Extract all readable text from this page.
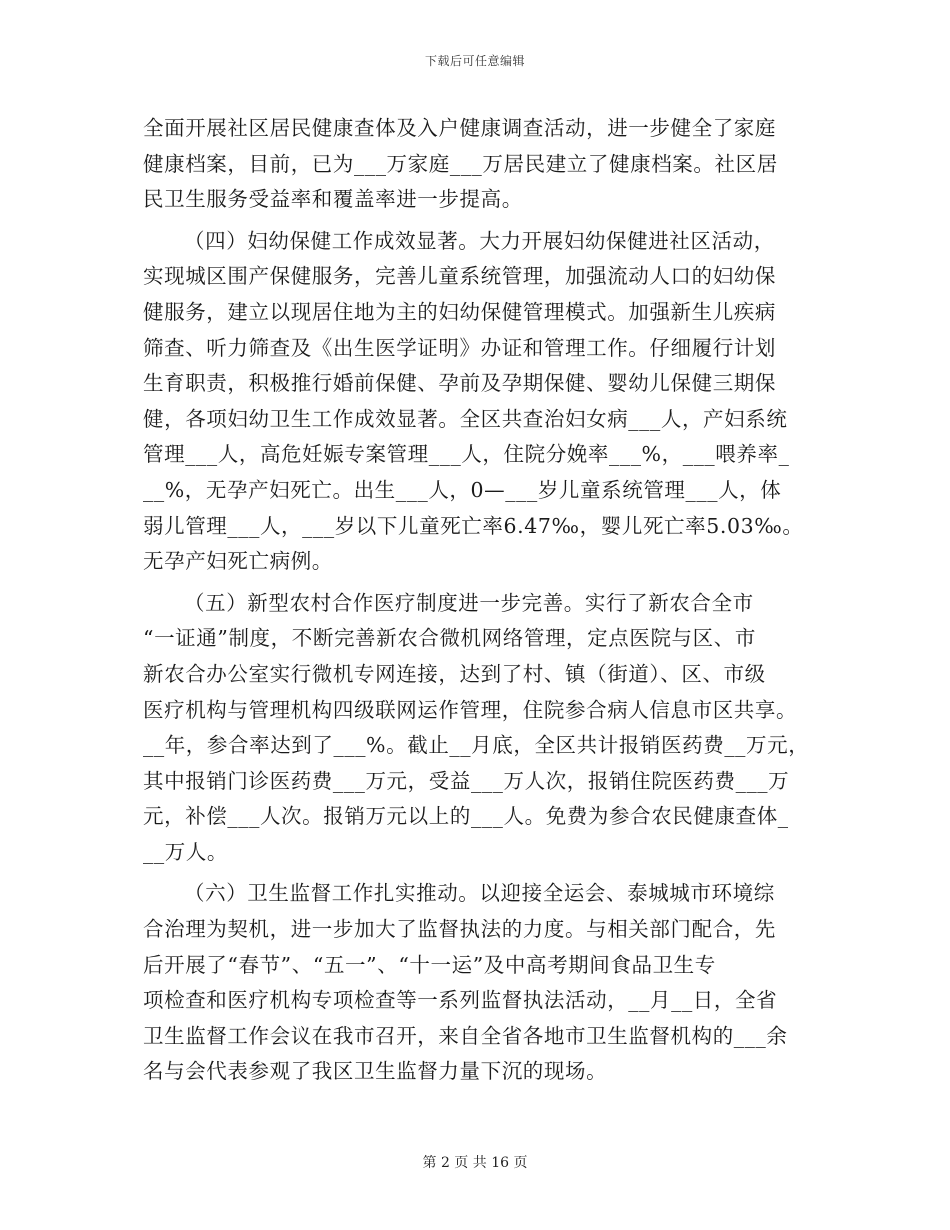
下载后可任意编辑
全面开展社区居民健康查体及入户健康调查活动，进一步健全了家庭
健康档案，目前，已为___万家庭___万居民建立了健康档案。社区居
民卫生服务受益率和覆盖率进一步提高。
（四）妇幼保健工作成效显著。大力开展妇幼保健进社区活动，
实现城区围产保健服务，完善儿童系统管理，加强流动人口的妇幼保
健服务，建立以现居住地为主的妇幼保健管理模式。加强新生儿疾病
筛查、听力筛查及《出生医学证明》办证和管理工作。仔细履行计划
生育职责，积极推行婚前保健、孕前及孕期保健、婴幼儿保健三期保
健，各项妇幼卫生工作成效显著。全区共查治妇女病___人，产妇系统
管理___人，高危妊娠专案管理___人，住院分娩率___%，___喂养率_
__%，无孕产妇死亡。出生___人，0—___岁儿童系统管理___人，体
弱儿管理___人，___岁以下儿童死亡率6.47‰，婴儿死亡率5.03‰。
无孕产妇死亡病例。
（五）新型农村合作医疗制度进一步完善。实行了新农合全市
“一证通”制度，不断完善新农合微机网络管理，定点医院与区、市
新农合办公室实行微机专网连接，达到了村、镇（街道）、区、市级
医疗机构与管理机构四级联网运作管理，住院参合病人信息市区共享。
__年，参合率达到了___%。截止__月底，全区共计报销医药费__万元，
其中报销门诊医药费___万元，受益___万人次，报销住院医药费___万
元，补偿___人次。报销万元以上的___人。免费为参合农民健康查体_
__万人。
（六）卫生监督工作扎实推动。以迎接全运会、泰城城市环境综
合治理为契机，进一步加大了监督执法的力度。与相关部门配合，先
后开展了“春节”、“五一”、“十一运”及中高考期间食品卫生专
项检查和医疗机构专项检查等一系列监督执法活动，__月__日，全省
卫生监督工作会议在我市召开，来自全省各地市卫生监督机构的___余
名与会代表参观了我区卫生监督力量下沉的现场。
第 2 页 共 16 页
